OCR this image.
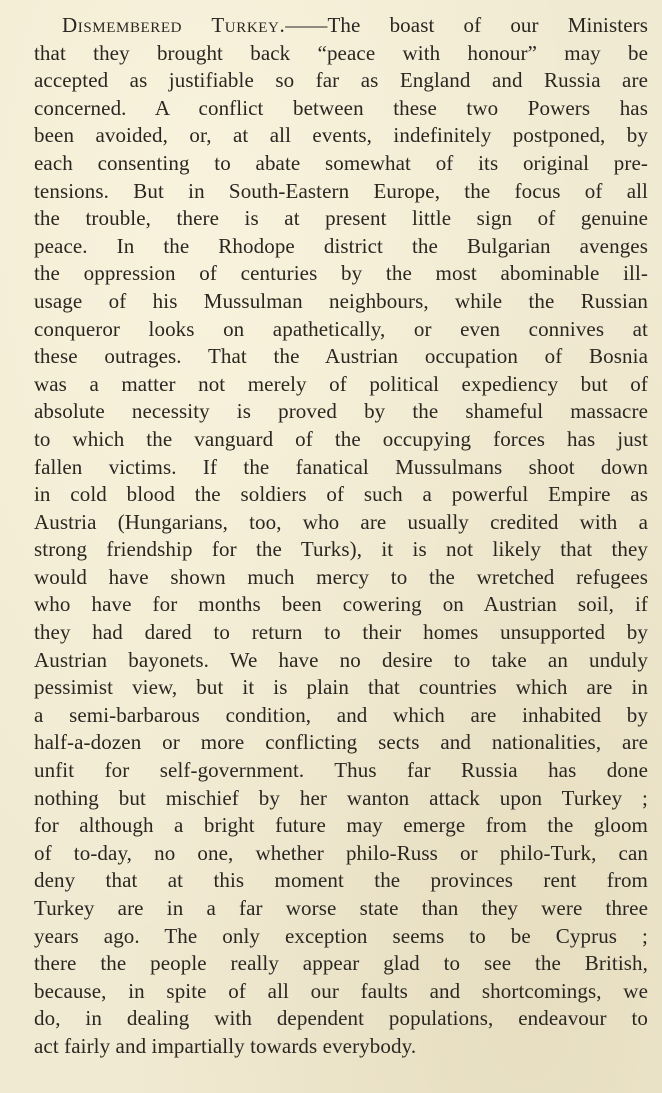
Dismembered Turkey.——The boast of our Ministers
that they brought back “peace with honour” may be
accepted as justifiable so far as England and Russia are
concerned. A conflict between these two Powers has
been avoided, or, at all events, indefinitely postponed, by
each consenting to abate somewhat of its original pre-
tensions. But in South-Eastern Europe, the focus of all
the trouble, there is at present little sign of genuine
peace. In the Rhodope district the Bulgarian avenges
the oppression of centuries by the most abominable ill-
usage of his Mussulman neighbours, while the Russian
conqueror looks on apathetically, or even connives at
these outrages. That the Austrian occupation of Bosnia
was a matter not merely of political expediency but of
absolute necessity is proved by the shameful massacre
to which the vanguard of the occupying forces has just
fallen victims. If the fanatical Mussulmans shoot down
in cold blood the soldiers of such a powerful Empire as
Austria (Hungarians, too, who are usually credited with a
strong friendship for the Turks), it is not likely that they
would have shown much mercy to the wretched refugees
who have for months been cowering on Austrian soil, if
they had dared to return to their homes unsupported by
Austrian bayonets. We have no desire to take an unduly
pessimist view, but it is plain that countries which are in
a semi-barbarous condition, and which are inhabited by
half-a-dozen or more conflicting sects and nationalities, are
unfit for self-government. Thus far Russia has done
nothing but mischief by her wanton attack upon Turkey ;
for although a bright future may emerge from the gloom
of to-day, no one, whether philo-Russ or philo-Turk, can
deny that at this moment the provinces rent from
Turkey are in a far worse state than they were three
years ago. The only exception seems to be Cyprus ;
there the people really appear glad to see the British,
because, in spite of all our faults and shortcomings, we
do, in dealing with dependent populations, endeavour to
act fairly and impartially towards everybody.
